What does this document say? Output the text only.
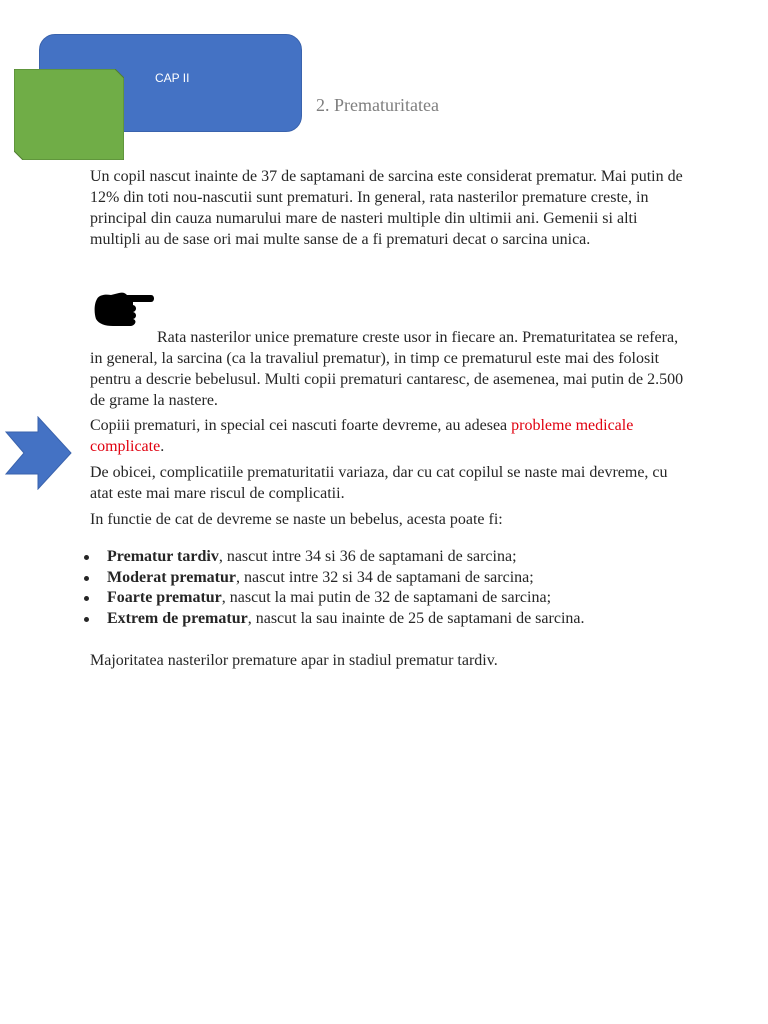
CAP II
2. Prematuritatea

Un copil nascut inainte de 37 de saptamani de sarcina este considerat prematur. Mai putin de 12% din toti nou-nascutii sunt prematuri. In general, rata nasterilor premature creste, in principal din cauza numarului mare de nasteri multiple din ultimii ani. Gemenii si alti multipli au de sase ori mai multe sanse de a fi prematuri decat o sarcina unica.

Rata nasterilor unice premature creste usor in fiecare an. Prematuritatea se refera, in general, la sarcina (ca la travaliul prematur), in timp ce prematurul este mai des folosit pentru a descrie bebelusul. Multi copii prematuri cantaresc, de asemenea, mai putin de 2.500 de grame la nastere.

Copiii prematuri, in special cei nascuti foarte devreme, au adesea probleme medicale complicate.

De obicei, complicatiile prematuritatii variaza, dar cu cat copilul se naste mai devreme, cu atat este mai mare riscul de complicatii.

In functie de cat de devreme se naste un bebelus, acesta poate fi:

Prematur tardiv, nascut intre 34 si 36 de saptamani de sarcina;
Moderat prematur, nascut intre 32 si 34 de saptamani de sarcina;
Foarte prematur, nascut la mai putin de 32 de saptamani de sarcina;
Extrem de prematur, nascut la sau inainte de 25 de saptamani de sarcina.

Majoritatea nasterilor premature apar in stadiul prematur tardiv.
